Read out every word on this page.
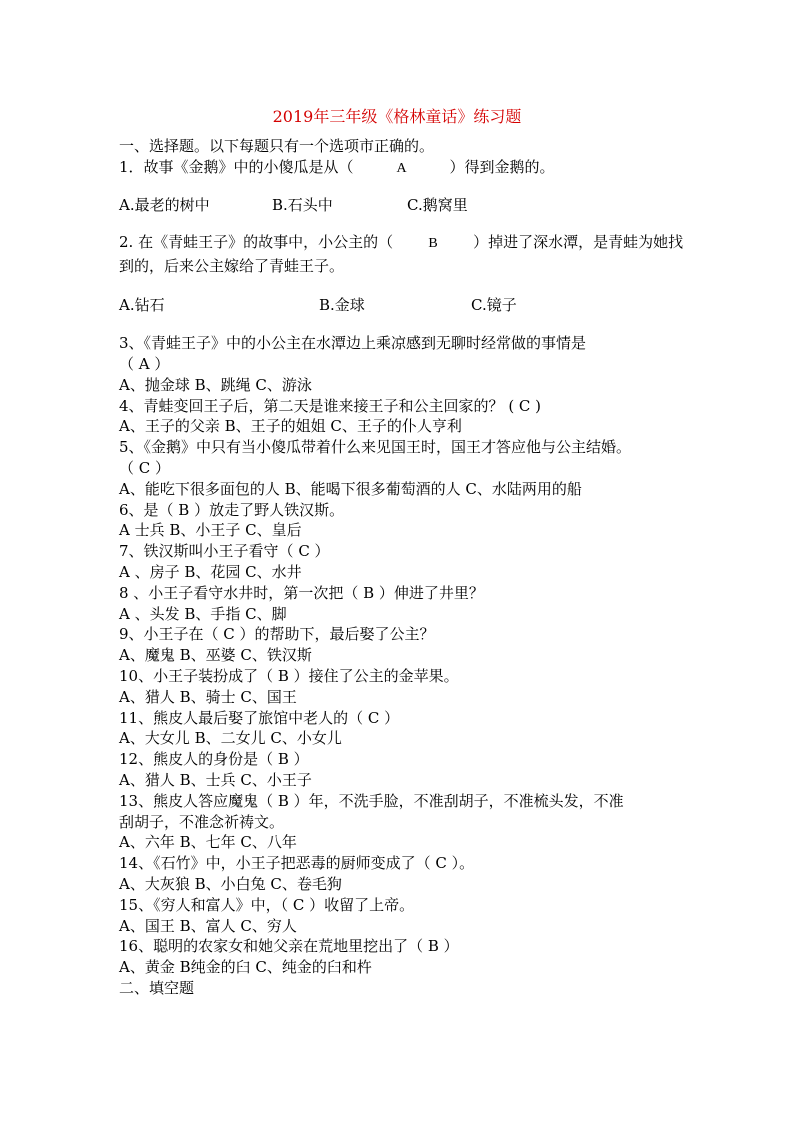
2019年三年级《格林童话》练习题
一、选择题。以下每题只有一个选项市正确的。
1．故事《金鹅》中的小傻瓜是从（	A	）得到金鹅的。
A.最老的树中	B.石头中	C.鹅窝里
2. 在《青蛙王子》的故事中，小公主的（	B ）掉进了深水潭，是青蛙为她找到的，后来公主嫁给了青蛙王子。
A.钻石	B.金球	C.镜子
3、《青蛙王子》中的小公主在水潭边上乘凉感到无聊时经常做的事情是
（ A ）
A、抛金球 B、跳绳 C、游泳
4、青蛙变回王子后，第二天是谁来接王子和公主回家的？ ( C )
A、王子的父亲 B、王子的姐姐 C、王子的仆人亨利
5、《金鹅》中只有当小傻瓜带着什么来见国王时，国王才答应他与公主结婚。
（ C ）
A、能吃下很多面包的人 B、能喝下很多葡萄酒的人 C、水陆两用的船
6、是（ B ）放走了野人铁汉斯。
A 士兵 B、小王子 C、皇后
7、铁汉斯叫小王子看守（ C ）
A 、房子 B、花园 C、水井
8 、小王子看守水井时，第一次把（ B ）伸进了井里？
A 、头发 B、手指 C、脚
9、小王子在（ C ）的帮助下，最后娶了公主？
A、魔鬼 B、巫婆 C、铁汉斯
10、小王子装扮成了（ B ）接住了公主的金苹果。
A、猎人 B、骑士 C、国王
11、熊皮人最后娶了旅馆中老人的（ C ）
A、大女儿 B、二女儿 C、小女儿
12、熊皮人的身份是（ B ）
A、猎人 B、士兵 C、小王子
13、熊皮人答应魔鬼（ B ）年，不洗手脸，不准刮胡子，不准梳头发，不准
刮胡子，不准念祈祷文。
A、六年 B、七年 C、八年
14、《石竹》中，小王子把恶毒的厨师变成了（ C ）。
A、大灰狼 B、小白兔 C、卷毛狗
15、《穷人和富人》中，（ C ）收留了上帝。
A、国王 B、富人 C、穷人
16、聪明的农家女和她父亲在荒地里挖出了（ B ）
A、黄金 B纯金的臼 C、纯金的臼和杵
二、填空题
